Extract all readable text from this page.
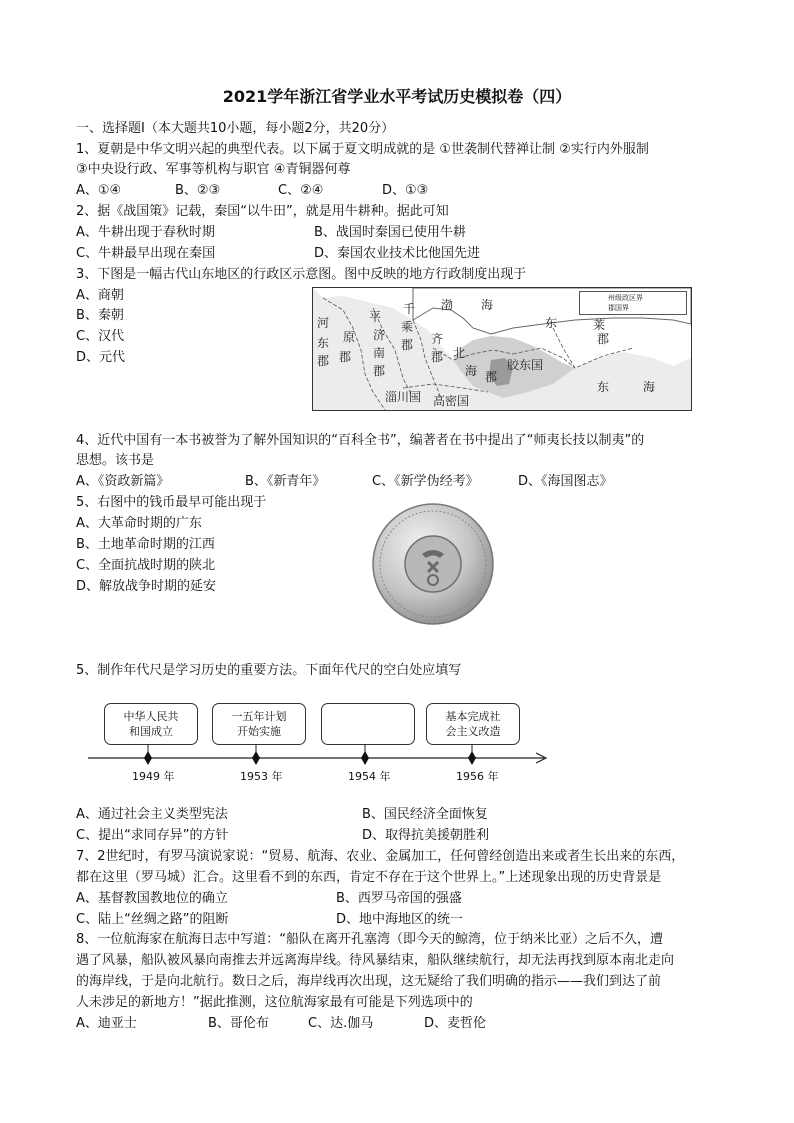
2021学年浙江省学业水平考试历史模拟卷（四）
一、选择题I（本大题共10小题，每小题2分，共20分）
1、夏朝是中华文明兴起的典型代表。以下属于夏文明成就的是 ①世袭制代替禅让制 ②实行内外服制
③中央设行政、军事等机构与职官 ④青铜器何尊
A、①④	B、②③	C、②④	D、①③
2、据《战国策》记载，秦国“以牛田”，就是用牛耕种。据此可知
A、牛耕出现于春秋时期	B、战国时秦国已使用牛耕
C、牛耕最早出现在秦国	D、秦国农业技术比他国先进
3、下图是一幅古代山东地区的行政区示意图。图中反映的地方行政制度出现于
A、商朝
B、秦朝
C、汉代
D、元代
州级政区界
郡国界
渤 海
东	莱
郡
东	海
千
乘
郡
平
原
郡
济
南
郡
齐
郡 北
海 郡
胶东国
淄川国 高密国
河
东
郡
4、近代中国有一本书被誉为了解外国知识的“百科全书”，编著者在书中提出了“师夷长技以制夷”的
思想。该书是
A、《资政新篇》	B、《新青年》	C、《新学伪经考》	D、《海国图志》
5、右图中的钱币最早可能出现于
A、大革命时期的广东
B、土地革命时期的江西
C、全面抗战时期的陕北
D、解放战争时期的延安
5、制作年代尺是学习历史的重要方法。下面年代尺的空白处应填写
中华人民共
和国成立
一五年计划
开始实施
基本完成社
会主义改造
1949 年	1953 年	1954 年	1956 年
A、通过社会主义类型宪法	B、国民经济全面恢复
C、提出“求同存异”的方针	D、取得抗美援朝胜利
7、2世纪时，有罗马演说家说：“贸易、航海、农业、金属加工，任何曾经创造出来或者生长出来的东西，
都在这里（罗马城）汇合。这里看不到的东西，肯定不存在于这个世界上。”上述现象出现的历史背景是
A、基督教国教地位的确立	B、西罗马帝国的强盛
C、陆上“丝绸之路”的阻断	D、地中海地区的统一
8、一位航海家在航海日志中写道：“船队在离开孔塞湾（即今天的鲸湾，位于纳米比亚）之后不久，遭
遇了风暴，船队被风暴向南推去并远离海岸线。待风暴结束，船队继续航行，却无法再找到原本南北走向
的海岸线，于是向北航行。数日之后，海岸线再次出现，这无疑给了我们明确的指示——我们到达了前
人未涉足的新地方！”据此推测，这位航海家最有可能是下列选项中的
A、迪亚士	B、哥伦布	C、达.伽马	D、麦哲伦
